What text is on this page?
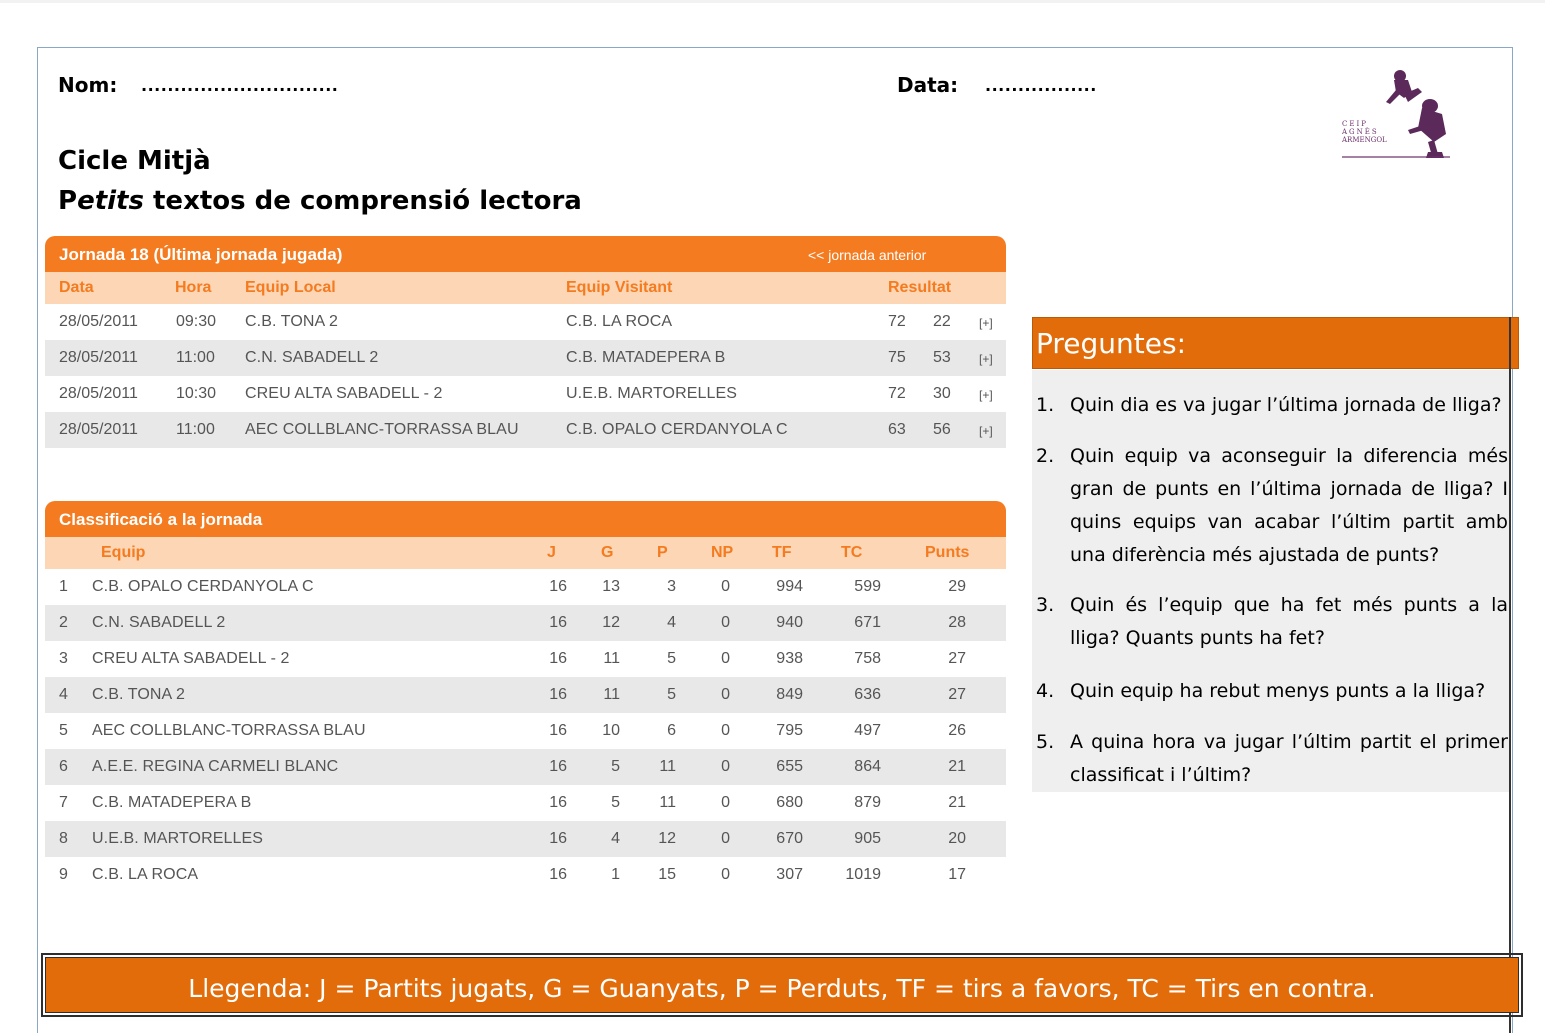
Nom: ..............................	Data: .................
Cicle Mitjà
Petits textos de comprensió lectora
CEIP
AGNÈS
ARMENGOL
Jornada 18 (Última jornada jugada)	<< jornada anterior
Data	Hora Equip Local	Equip Visitant	Resultat
28/05/2011 09:30 C.B. TONA 2	C.B. LA ROCA	72 22 [+]
28/05/2011 11:00 C.N. SABADELL 2	C.B. MATADEPERA B	75 53 [+]
28/05/2011 10:30 CREU ALTA SABADELL - 2	U.E.B. MARTORELLES	72 30 [+]
28/05/2011 11:00 AEC COLLBLANC-TORRASSA BLAU	C.B. OPALO CERDANYOLA C	63 56 [+]
Classificació a la jornada
Equip	J	G	P	NP TF	TC	Punts
1 C.B. OPALO CERDANYOLA C	16 13	3	0	994	599	29
2 C.N. SABADELL 2	16 12	4	0	940	671	28
3 CREU ALTA SABADELL - 2	16 11	5	0	938	758	27
4 C.B. TONA 2	16 11	5	0	849	636	27
5 AEC COLLBLANC-TORRASSA BLAU	16 10	6	0	795	497	26
6 A.E.E. REGINA CARMELI BLANC	16	5 11	0	655	864	21
7 C.B. MATADEPERA B	16	5 11	0	680	879	21
8 U.E.B. MARTORELLES	16	4 12	0	670	905	20
9 C.B. LA ROCA	16	1 15	0	307	1019	17
Preguntes:
1. Quin dia es va jugar l’última jornada de lliga?
2. Quin equip va aconseguir la diferencia més gran de punts en l’última jornada de lliga? I quins equips van acabar l’últim partit amb una diferència més ajustada de punts?
3. Quin és l’equip que ha fet més punts a la lliga? Quants punts ha fet?
4. Quin equip ha rebut menys punts a la lliga?
5. A quina hora va jugar l’últim partit el primer classificat i l’últim?
Llegenda: J = Partits jugats, G = Guanyats, P = Perduts, TF = tirs a favors, TC = Tirs en contra.
